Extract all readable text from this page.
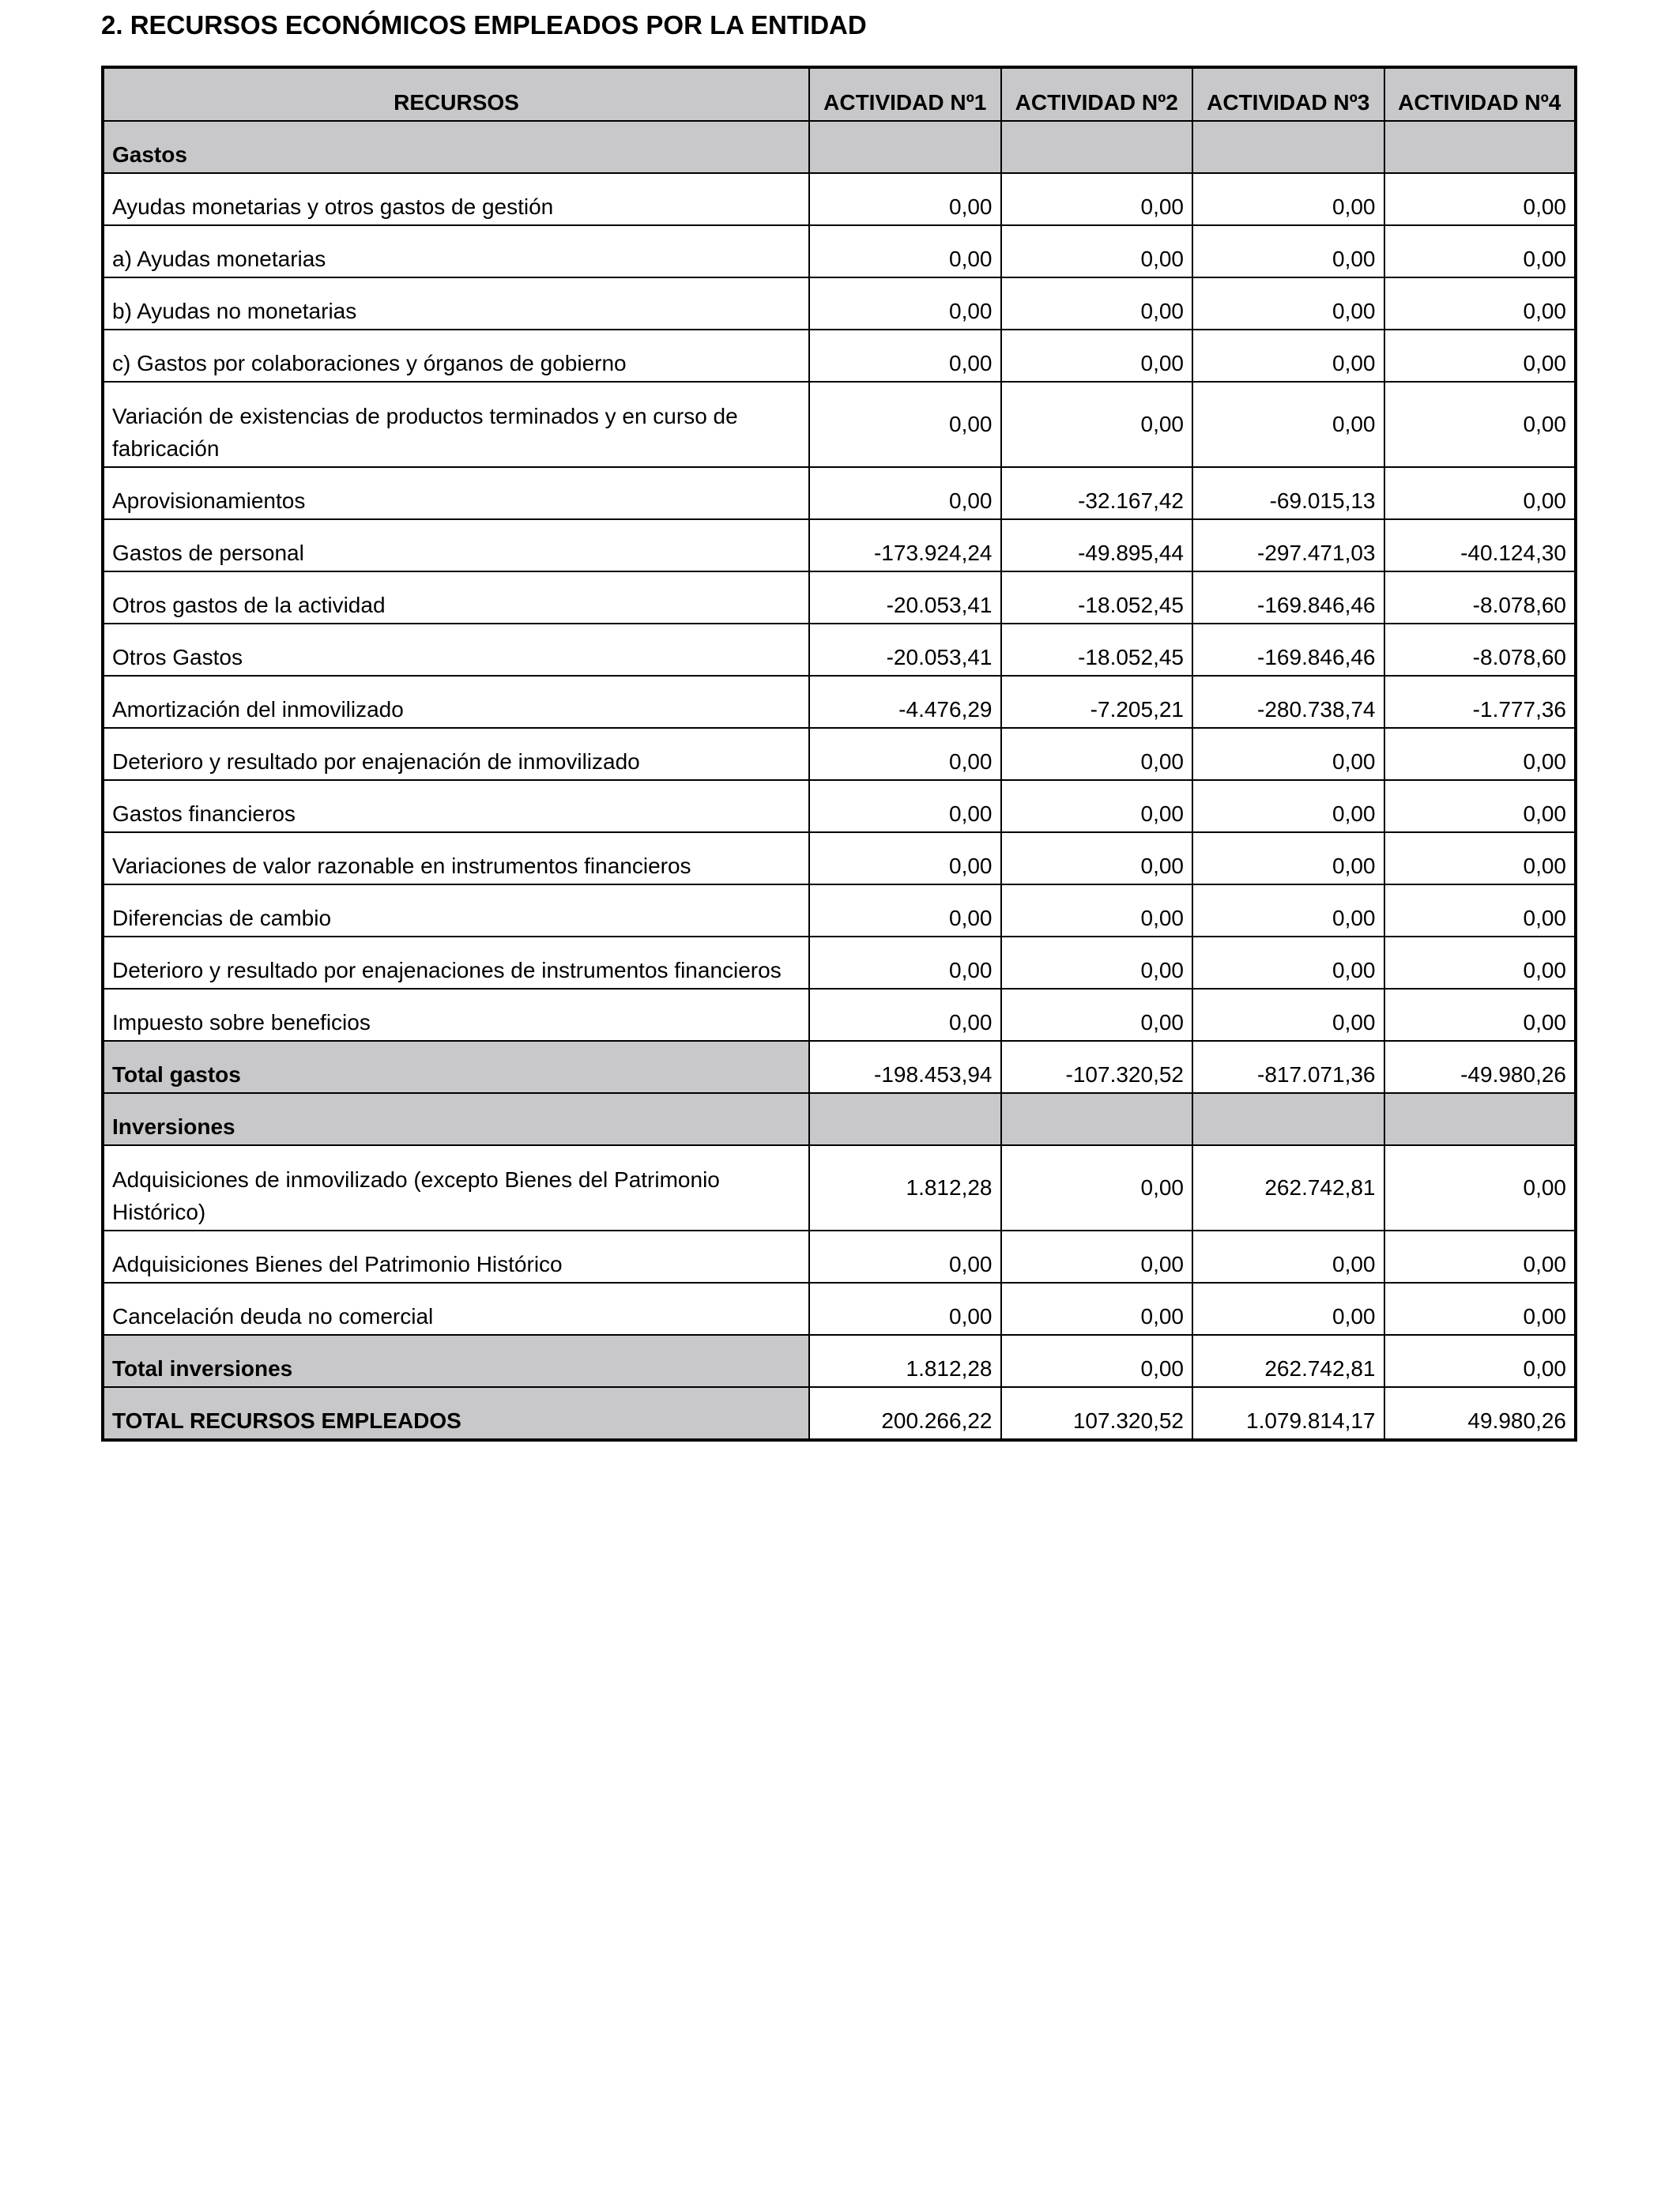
2. RECURSOS ECONÓMICOS EMPLEADOS POR LA ENTIDAD
RECURSOS	ACTIVIDAD Nº1	ACTIVIDAD Nº2	ACTIVIDAD Nº3	ACTIVIDAD Nº4
Gastos				
Ayudas monetarias y otros gastos de gestión	0,00	0,00	0,00	0,00
a) Ayudas monetarias	0,00	0,00	0,00	0,00
b) Ayudas no monetarias	0,00	0,00	0,00	0,00
c) Gastos por colaboraciones y órganos de gobierno	0,00	0,00	0,00	0,00
Variación de existencias de productos terminados y en curso de fabricación	0,00	0,00	0,00	0,00
Aprovisionamientos	0,00	-32.167,42	-69.015,13	0,00
Gastos de personal	-173.924,24	-49.895,44	-297.471,03	-40.124,30
Otros gastos de la actividad	-20.053,41	-18.052,45	-169.846,46	-8.078,60
Otros Gastos	-20.053,41	-18.052,45	-169.846,46	-8.078,60
Amortización del inmovilizado	-4.476,29	-7.205,21	-280.738,74	-1.777,36
Deterioro y resultado por enajenación de inmovilizado	0,00	0,00	0,00	0,00
Gastos financieros	0,00	0,00	0,00	0,00
Variaciones de valor razonable en instrumentos financieros	0,00	0,00	0,00	0,00
Diferencias de cambio	0,00	0,00	0,00	0,00
Deterioro y resultado por enajenaciones de instrumentos financieros	0,00	0,00	0,00	0,00
Impuesto sobre beneficios	0,00	0,00	0,00	0,00
Total gastos	-198.453,94	-107.320,52	-817.071,36	-49.980,26
Inversiones				
Adquisiciones de inmovilizado (excepto Bienes del Patrimonio Histórico)	1.812,28	0,00	262.742,81	0,00
Adquisiciones Bienes del Patrimonio Histórico	0,00	0,00	0,00	0,00
Cancelación deuda no comercial	0,00	0,00	0,00	0,00
Total inversiones	1.812,28	0,00	262.742,81	0,00
TOTAL RECURSOS EMPLEADOS	200.266,22	107.320,52	1.079.814,17	49.980,26
